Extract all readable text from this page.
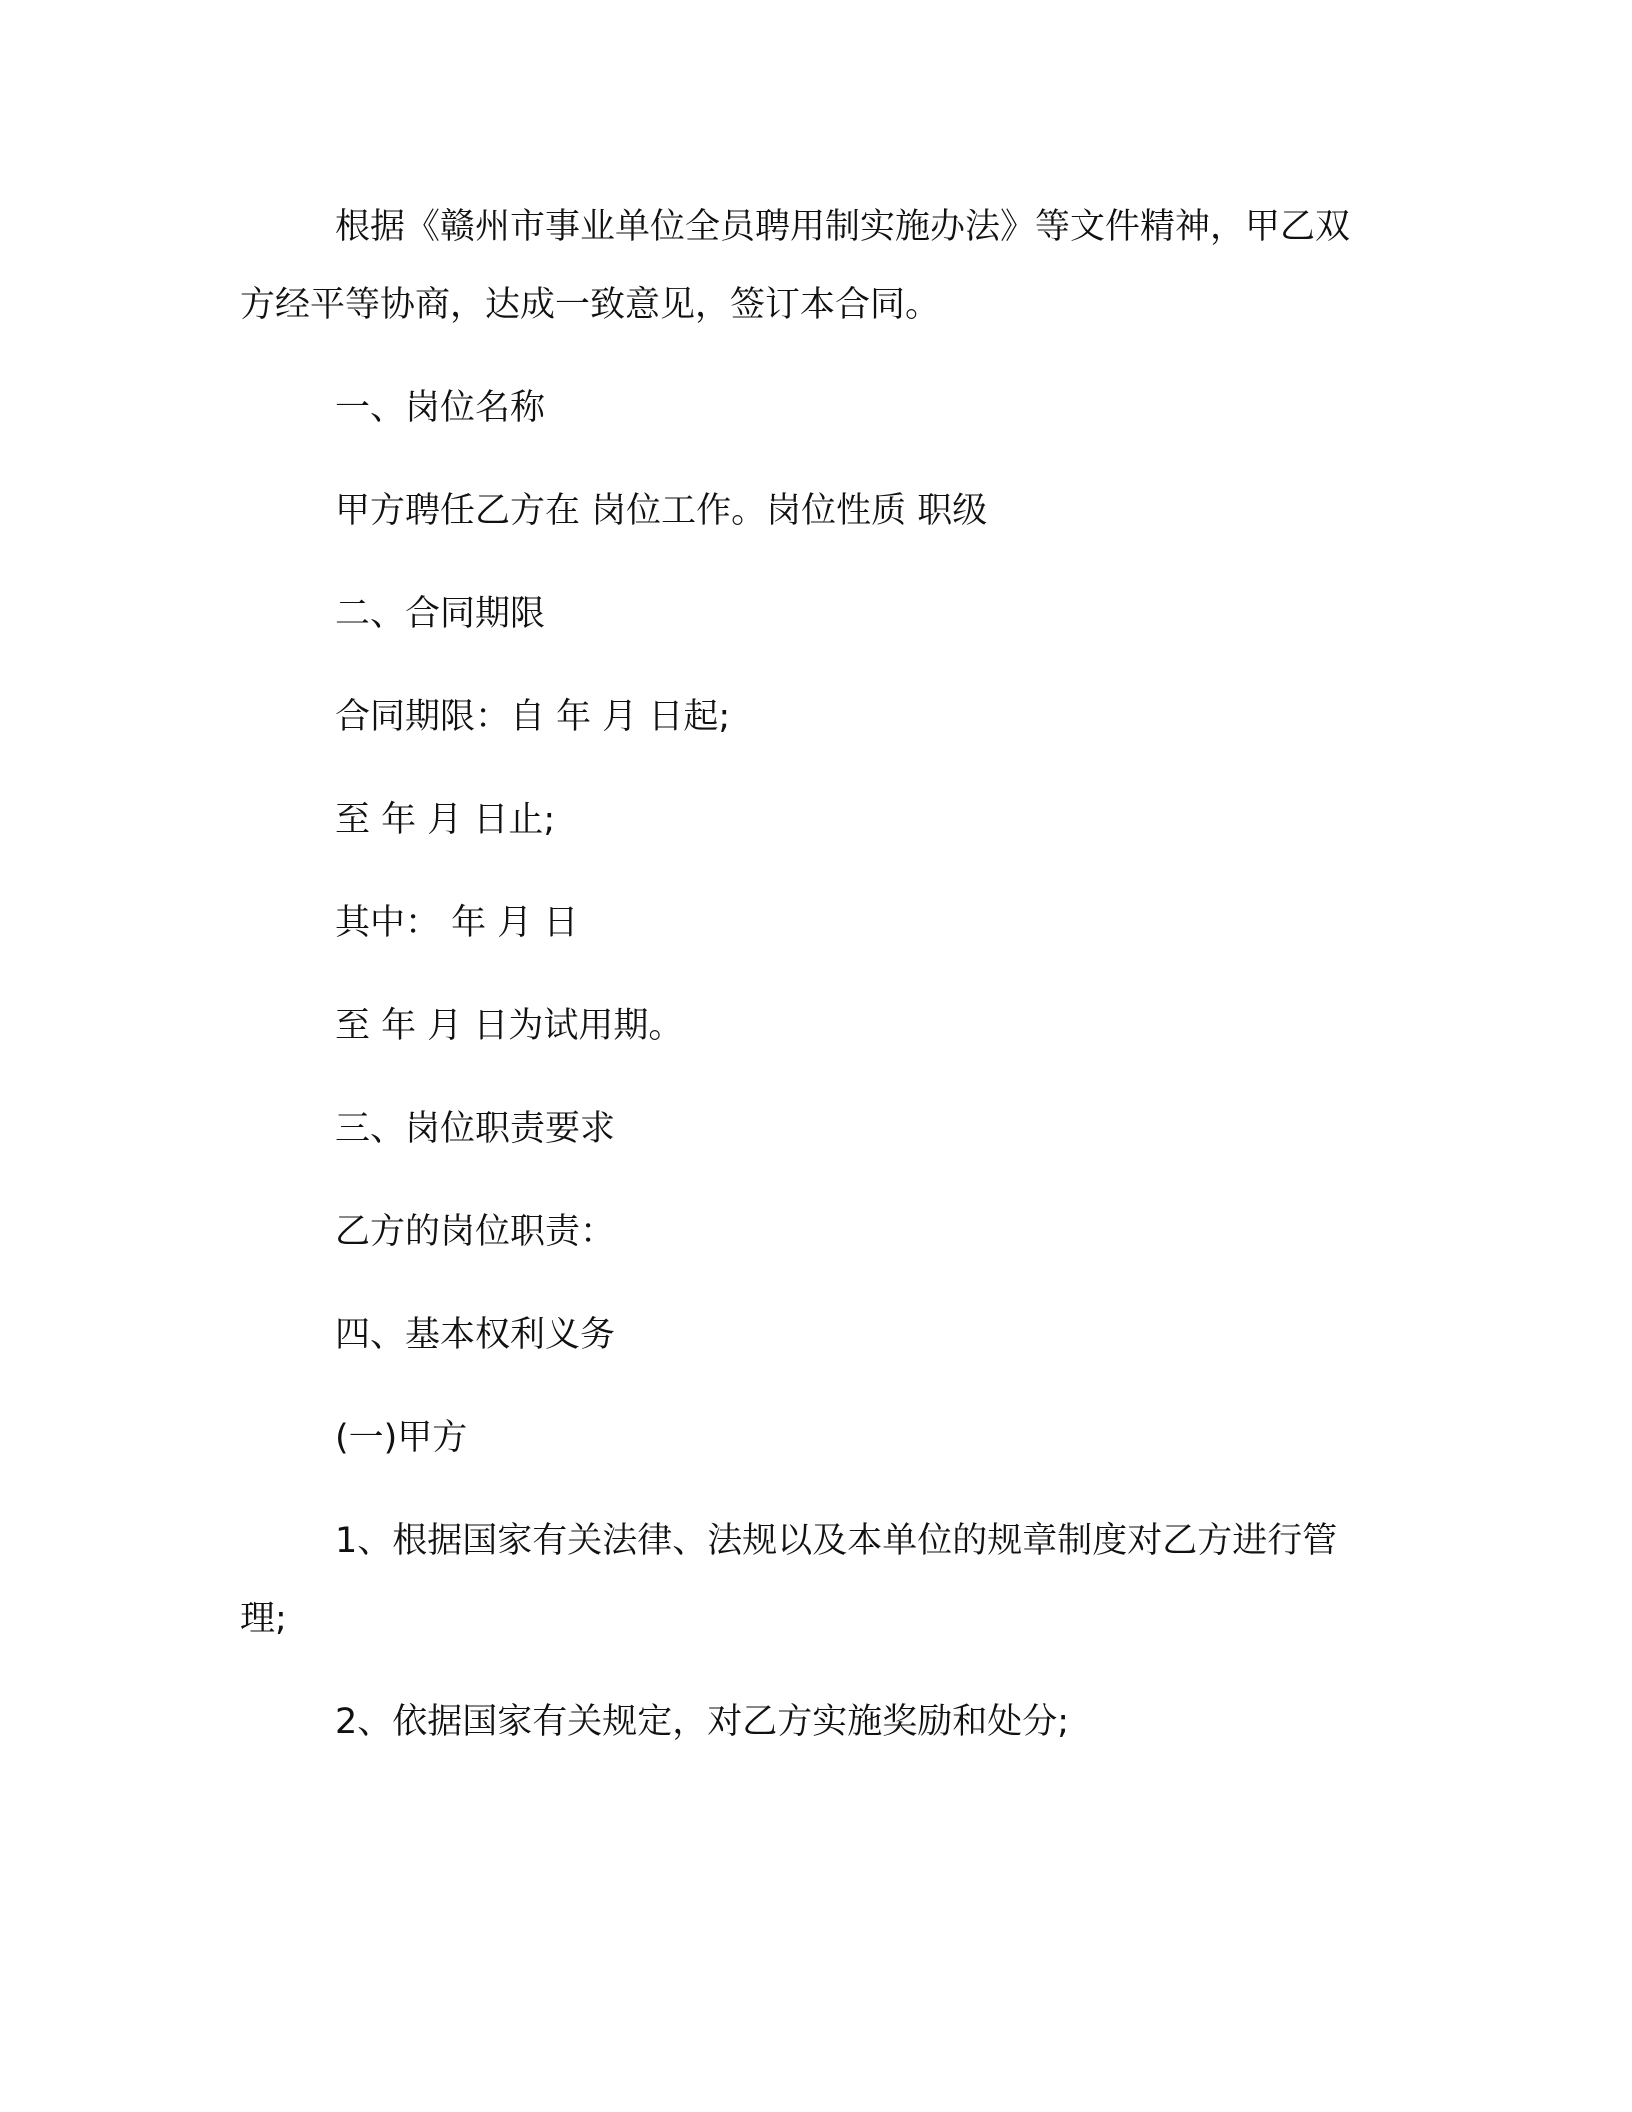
根据《赣州市事业单位全员聘用制实施办法》等文件精神，甲乙双方经平等协商，达成一致意见，签订本合同。

一、岗位名称

甲方聘任乙方在 岗位工作。岗位性质 职级

二、合同期限

合同期限：自 年 月 日起;

至 年 月 日止;

其中： 年 月 日

至 年 月 日为试用期。

三、岗位职责要求

乙方的岗位职责：

四、基本权利义务

(一)甲方

1、根据国家有关法律、法规以及本单位的规章制度对乙方进行管理;

2、依据国家有关规定，对乙方实施奖励和处分;
